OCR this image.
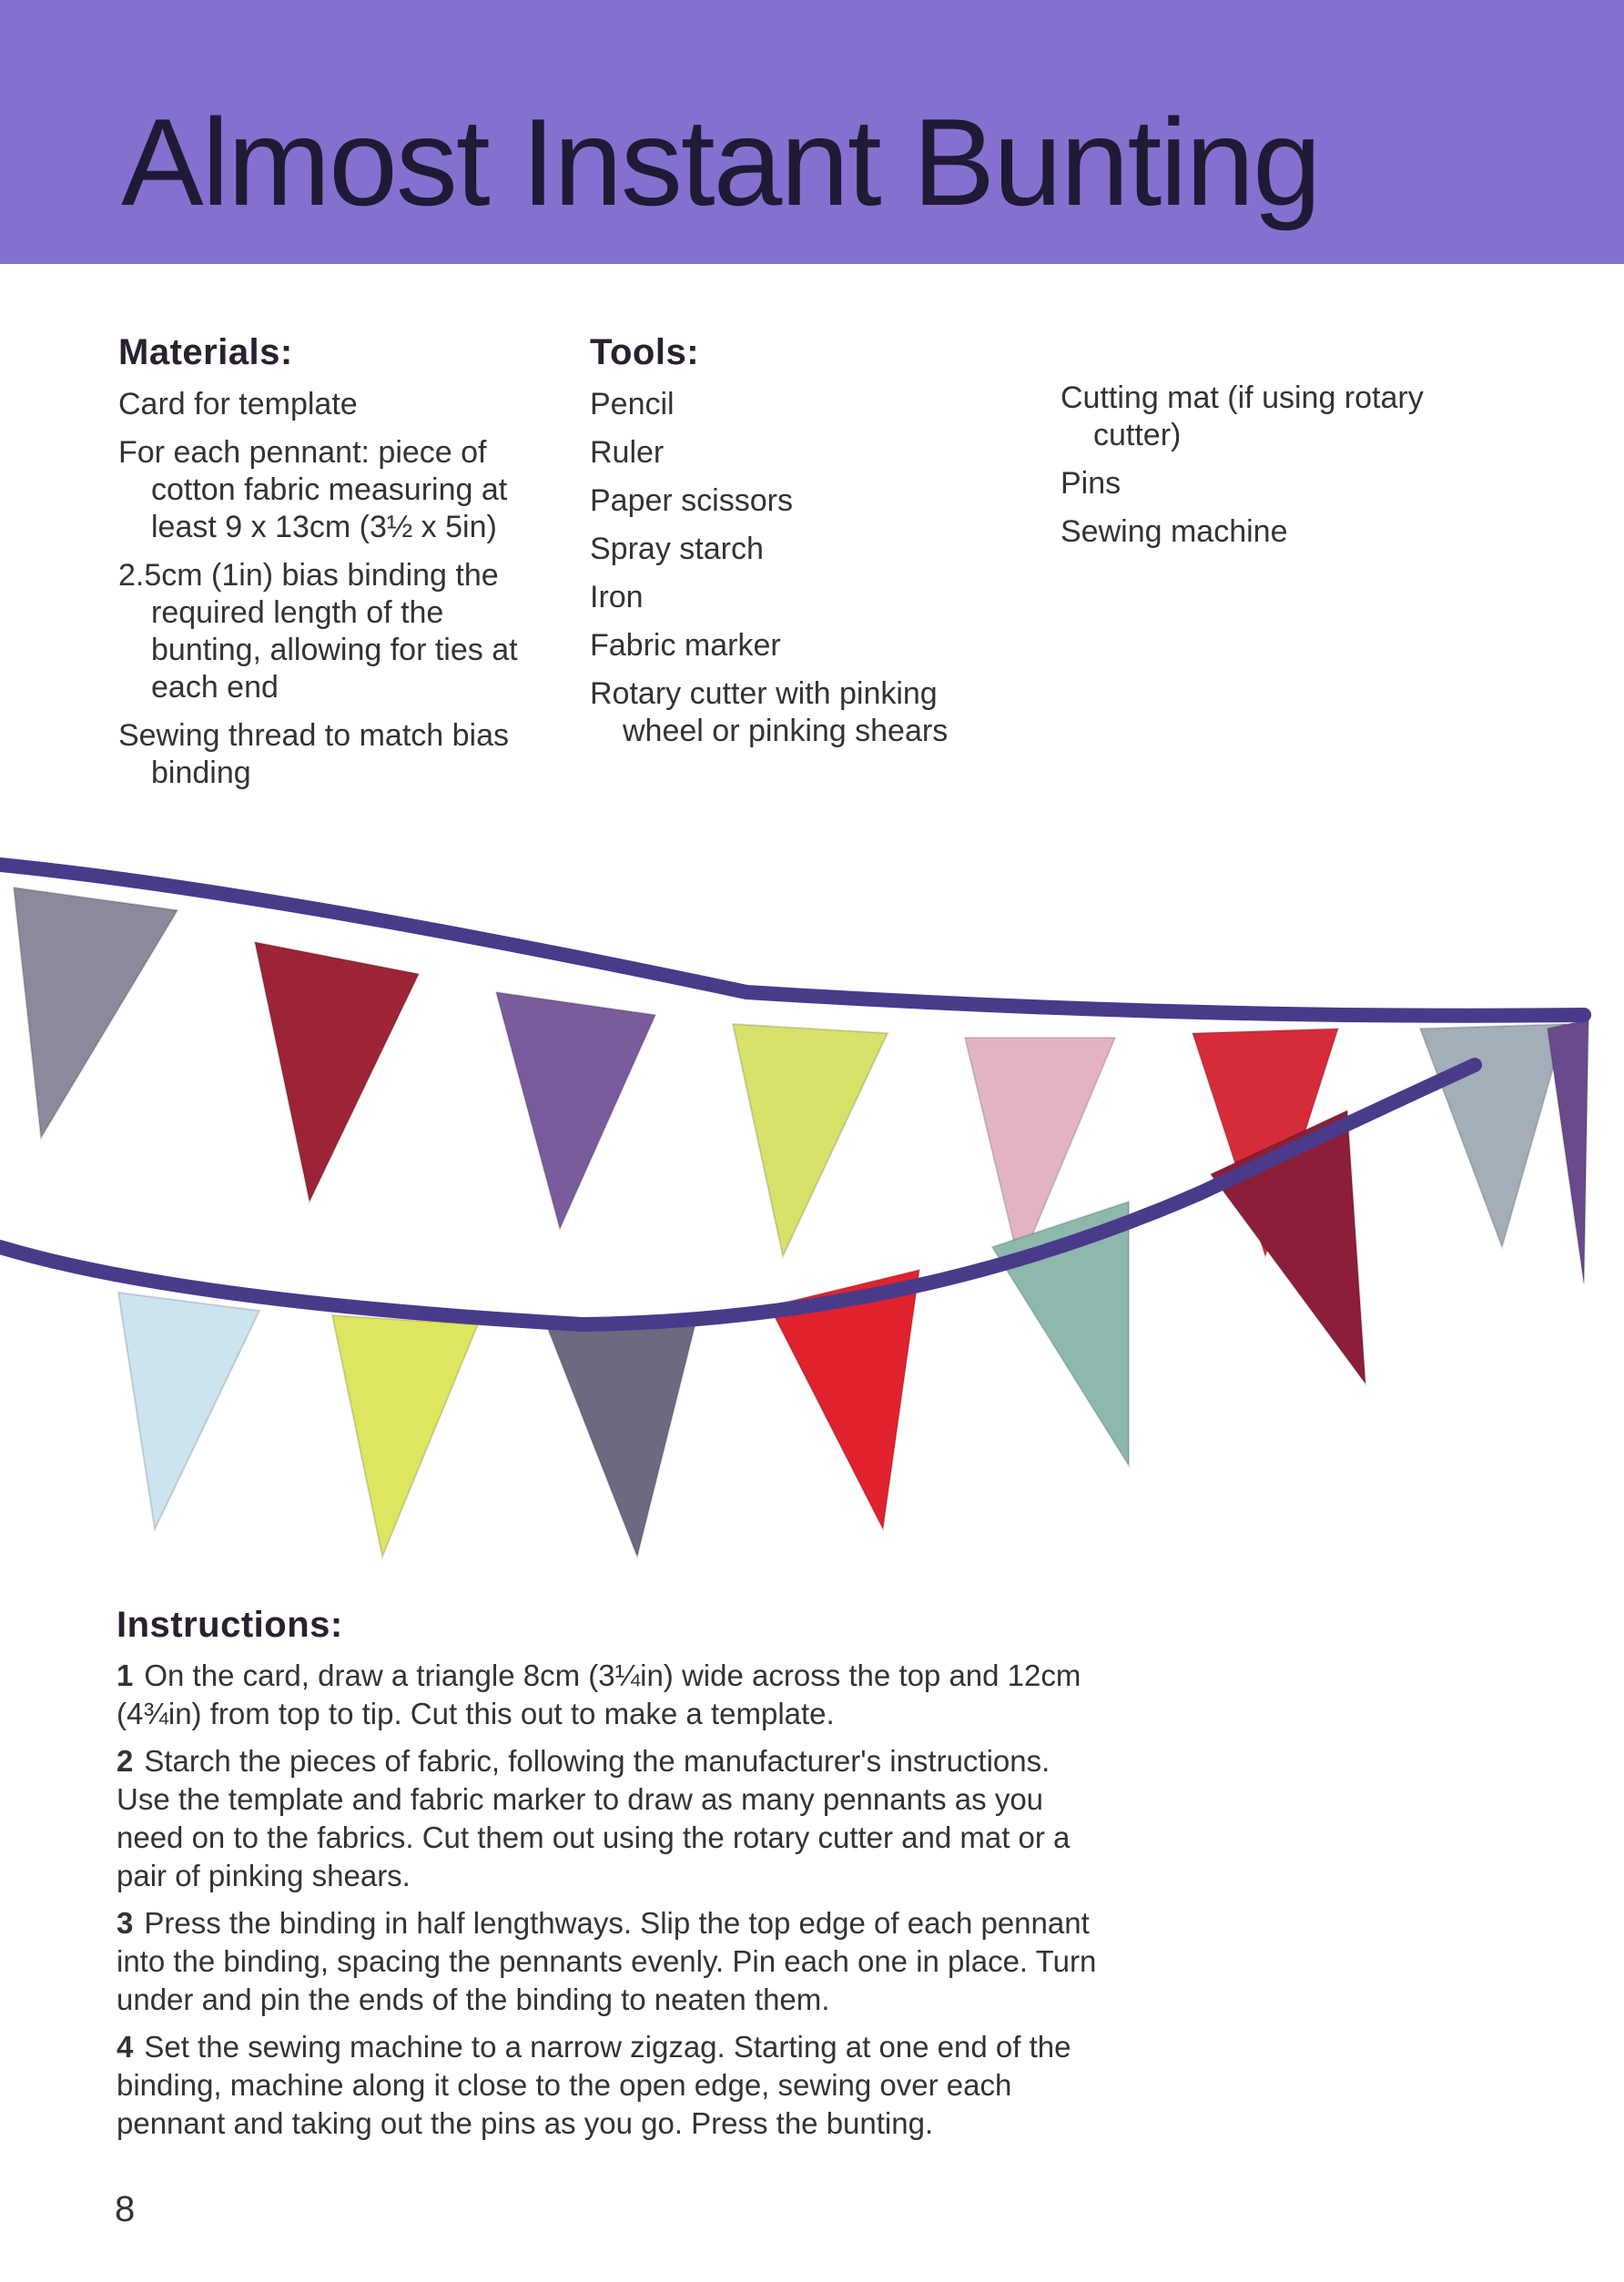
Almost Instant Bunting
Materials:
Card for template
For each pennant: piece of cotton fabric measuring at least 9 x 13cm (3½ x 5in)
2.5cm (1in) bias binding the required length of the bunting, allowing for ties at each end
Sewing thread to match bias binding
Tools:
Pencil
Ruler
Paper scissors
Spray starch
Iron
Fabric marker
Rotary cutter with pinking wheel or pinking shears
Cutting mat (if using rotary cutter)
Pins
Sewing machine
Instructions:

1 On the card, draw a triangle 8cm (3¼in) wide across the top and 12cm (4¾in) from top to tip. Cut this out to make a template.

2 Starch the pieces of fabric, following the manufacturer's instructions. Use the template and fabric marker to draw as many pennants as you need on to the fabrics. Cut them out using the rotary cutter and mat or a pair of pinking shears.

3 Press the binding in half lengthways. Slip the top edge of each pennant into the binding, spacing the pennants evenly. Pin each one in place. Turn under and pin the ends of the binding to neaten them.

4 Set the sewing machine to a narrow zigzag. Starting at one end of the binding, machine along it close to the open edge, sewing over each pennant and taking out the pins as you go. Press the bunting.

8
